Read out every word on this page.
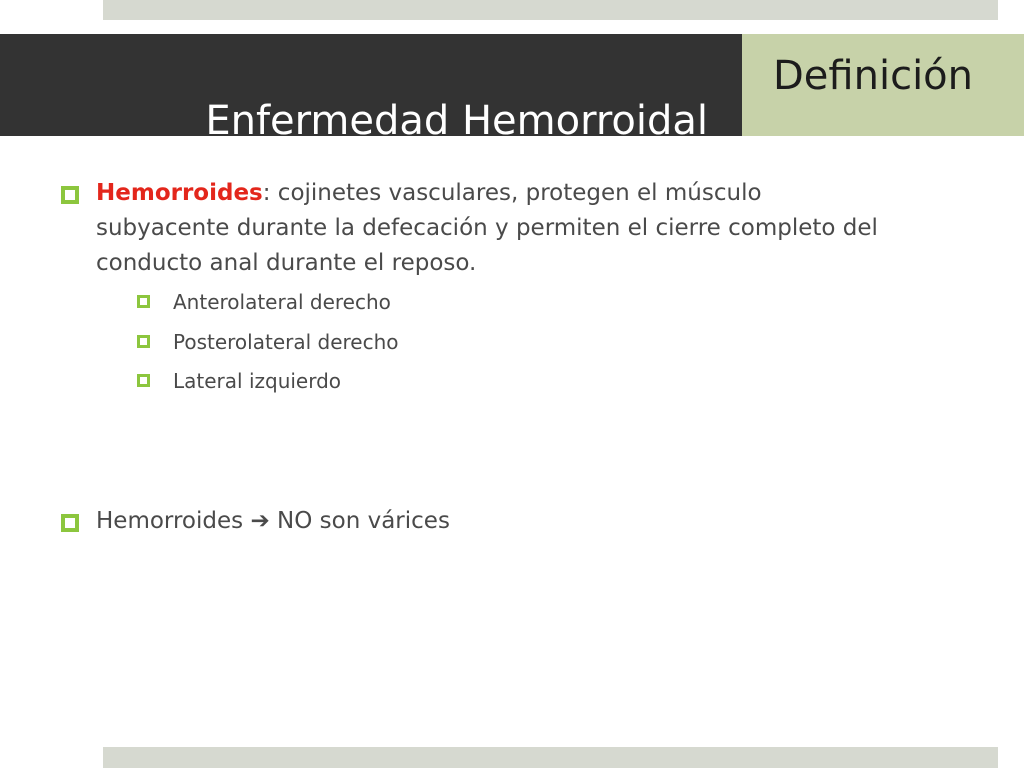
Enfermedad Hemorroidal
Definición
Hemorroides: cojinetes vasculares, protegen el músculo subyacente durante la defecación y permiten el cierre completo del conducto anal durante el reposo.
Anterolateral derecho
Posterolateral derecho
Lateral izquierdo
Hemorroides ➔ NO son várices
